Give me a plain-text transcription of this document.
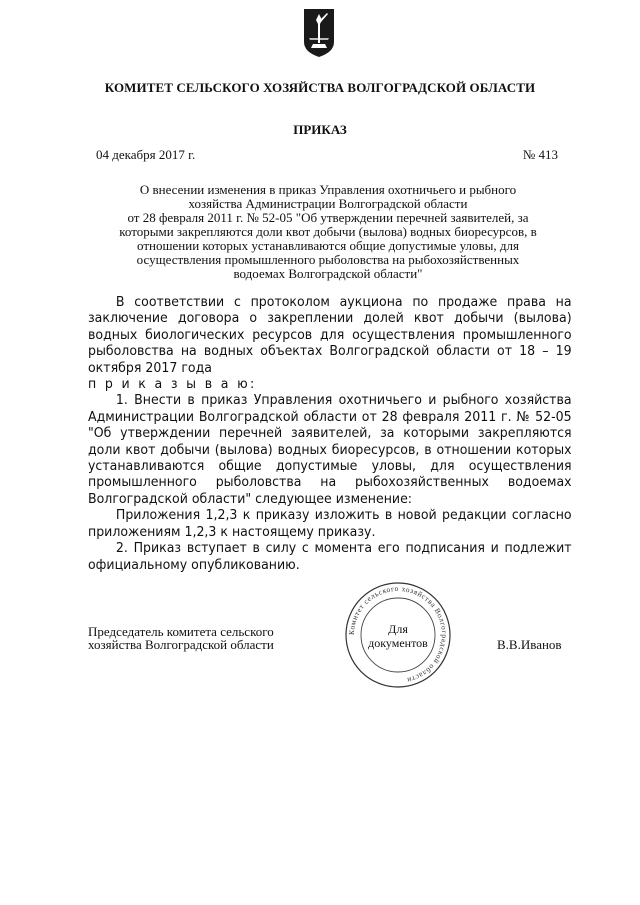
КОМИТЕТ СЕЛЬСКОГО ХОЗЯЙСТВА ВОЛГОГРАДСКОЙ ОБЛАСТИ
ПРИКАЗ
04 декабря 2017 г.	№ 413
О внесении изменения в приказ Управления охотничьего и рыбного
хозяйства Администрации Волгоградской области
от 28 февраля 2011 г. № 52-05 "Об утверждении перечней заявителей, за
которыми закрепляются доли квот добычи (вылова) водных биоресурсов, в
отношении которых устанавливаются общие допустимые уловы, для
осуществления промышленного рыболовства на рыбохозяйственных
водоемах Волгоградской области"

В соответствии с протоколом аукциона по продаже права на заключение договора о закреплении долей квот добычи (вылова) водных биологических ресурсов для осуществления промышленного рыболовства на водных объектах Волгоградской области от 18 – 19 октября 2017 года

п р и к а з ы в а ю:

1. Внести в приказ Управления охотничьего и рыбного хозяйства Администрации Волгоградской области от 28 февраля 2011 г. № 52-05 "Об утверждении перечней заявителей, за которыми закрепляются доли квот добычи (вылова) водных биоресурсов, в отношении которых устанавливаются общие допустимые уловы, для осуществления промышленного рыболовства на рыбохозяйственных водоемах Волгоградской области" следующее изменение:

Приложения 1,2,3 к приказу изложить в новой редакции согласно приложениям 1,2,3 к настоящему приказу.

2. Приказ вступает в силу с момента его подписания и подлежит официальному опубликованию.

Председатель комитета сельского
хозяйства Волгоградской области
Комитет сельского хозяйства Волгоградской области
Для
документов	В.В.Иванов
